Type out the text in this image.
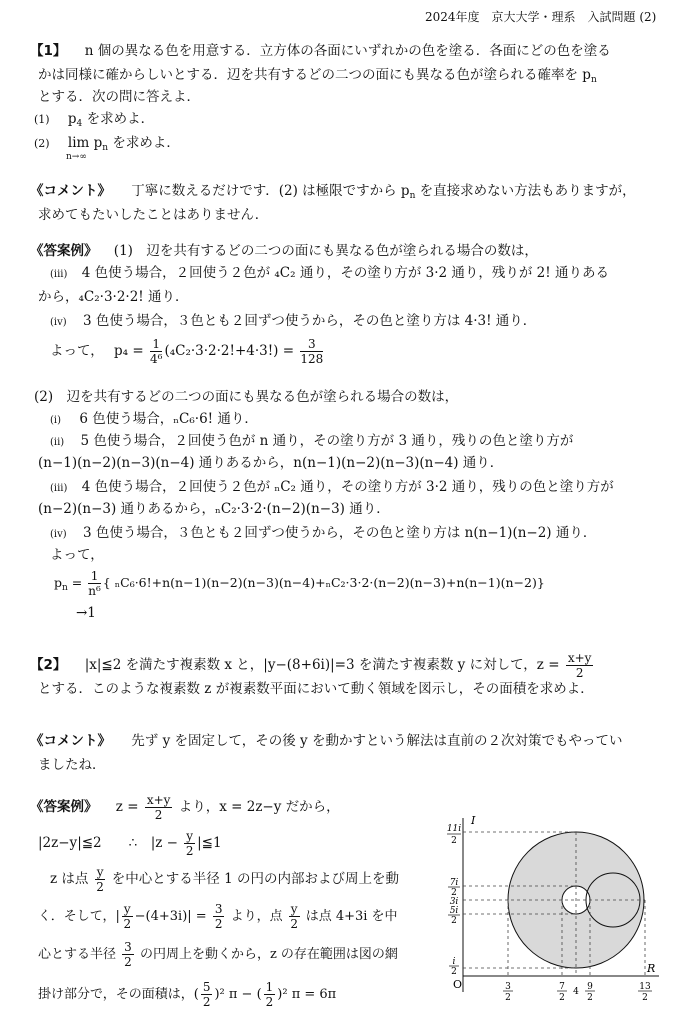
2024年度　京大大学・理系　入試問題 (2)
【1】 n 個の異なる色を用意する．立方体の各面にいずれかの色を塗る．各面にどの色を塗る
かは同様に確からしいとする．辺を共有するどの二つの面にも異なる色が塗られる確率を $p_n$
とする．次の問に答えよ．
(1) $p_4$ を求めよ．
(2) $\lim p_n$ を求めよ．
n→∞
《コメント》 丁寧に数えるだけです．(2) は極限ですから $p_n$ を直接求めない方法もありますが，
求めてもたいしたことはありません．
《答案例》 (1)　辺を共有するどの二つの面にも異なる色が塗られる場合の数は，
(iii) 4 色使う場合，２回使う２色が ₄C₂ 通り，その塗り方が 3·2 通り，残りが 2! 通りある
から，₄C₂·3·2·2! 通り．
(iv) 3 色使う場合，３色とも２回ずつ使うから，その色と塗り方は 4·3! 通り．
よって， $p_4 = \frac{1}{\text{4⁶}} (_4C_2\cdot 3\cdot 2\cdot 2!+4\cdot 3!) = \frac{3}{128}$
(2)　辺を共有するどの二つの面にも異なる色が塗られる場合の数は，
(i) 6 色使う場合，ₙC₆·6! 通り．
(ii) 5 色使う場合，２回使う色が n 通り，その塗り方が 3 通り，残りの色と塗り方が
(n−1)(n−2)(n−3)(n−4) 通りあるから，n(n−1)(n−2)(n−3)(n−4) 通り．
(iii) 4 色使う場合，２回使う２色が ₙC₂ 通り，その塗り方が 3·2 通り，残りの色と塗り方が
(n−2)(n−3) 通りあるから，ₙC₂·3·2·(n−2)(n−3) 通り．
(iv) 3 色使う場合，３色とも２回ずつ使うから，その色と塗り方は n(n−1)(n−2) 通り．
よって，
$p_n = \frac{1}{\text{n⁶}}$ { ₙC₆·6!+n(n−1)(n−2)(n−3)(n−4)+ₙC₂·3·2·(n−2)(n−3)+n(n−1)(n−2)}
→1
【2】 |x|≦2 を満たす複素数 x と，|y−(8+6i)|=3 を満たす複素数 y に対して，$z = \frac{x+y}{2}$
とする．このような複素数 z が複素数平面において動く領域を図示し，その面積を求めよ．
《コメント》 先ず y を固定して，その後 y を動かすという解法は直前の２次対策でもやってい
ましたね．
《答案例》 $z = \frac{x+y}{2}$ より，x = 2z−y だから，
|2z−y|≦2　　∴　$|z - \frac{y}{2}$ |≦1
z は点 $\frac{y}{2}$ を中心とする半径 1 の円の内部および周上を動
く．そして，| $\frac{y}{2} -(4+3i)| = \frac{3}{2}$ より，点 $\frac{y}{2}$ は点 4+3i を中
心とする半径 $\frac{3}{2}$ の円周上を動くから，z の存在範囲は図の網
掛け部分で，その面積は，( $\frac{5}{2} )^2$ π − ( $\frac{1}{2} )^2$ π = 6π
R
I
O
11i
2
7i
2
3i
5i
2
i
2
3
2
7
2
4 9
2
13
2
